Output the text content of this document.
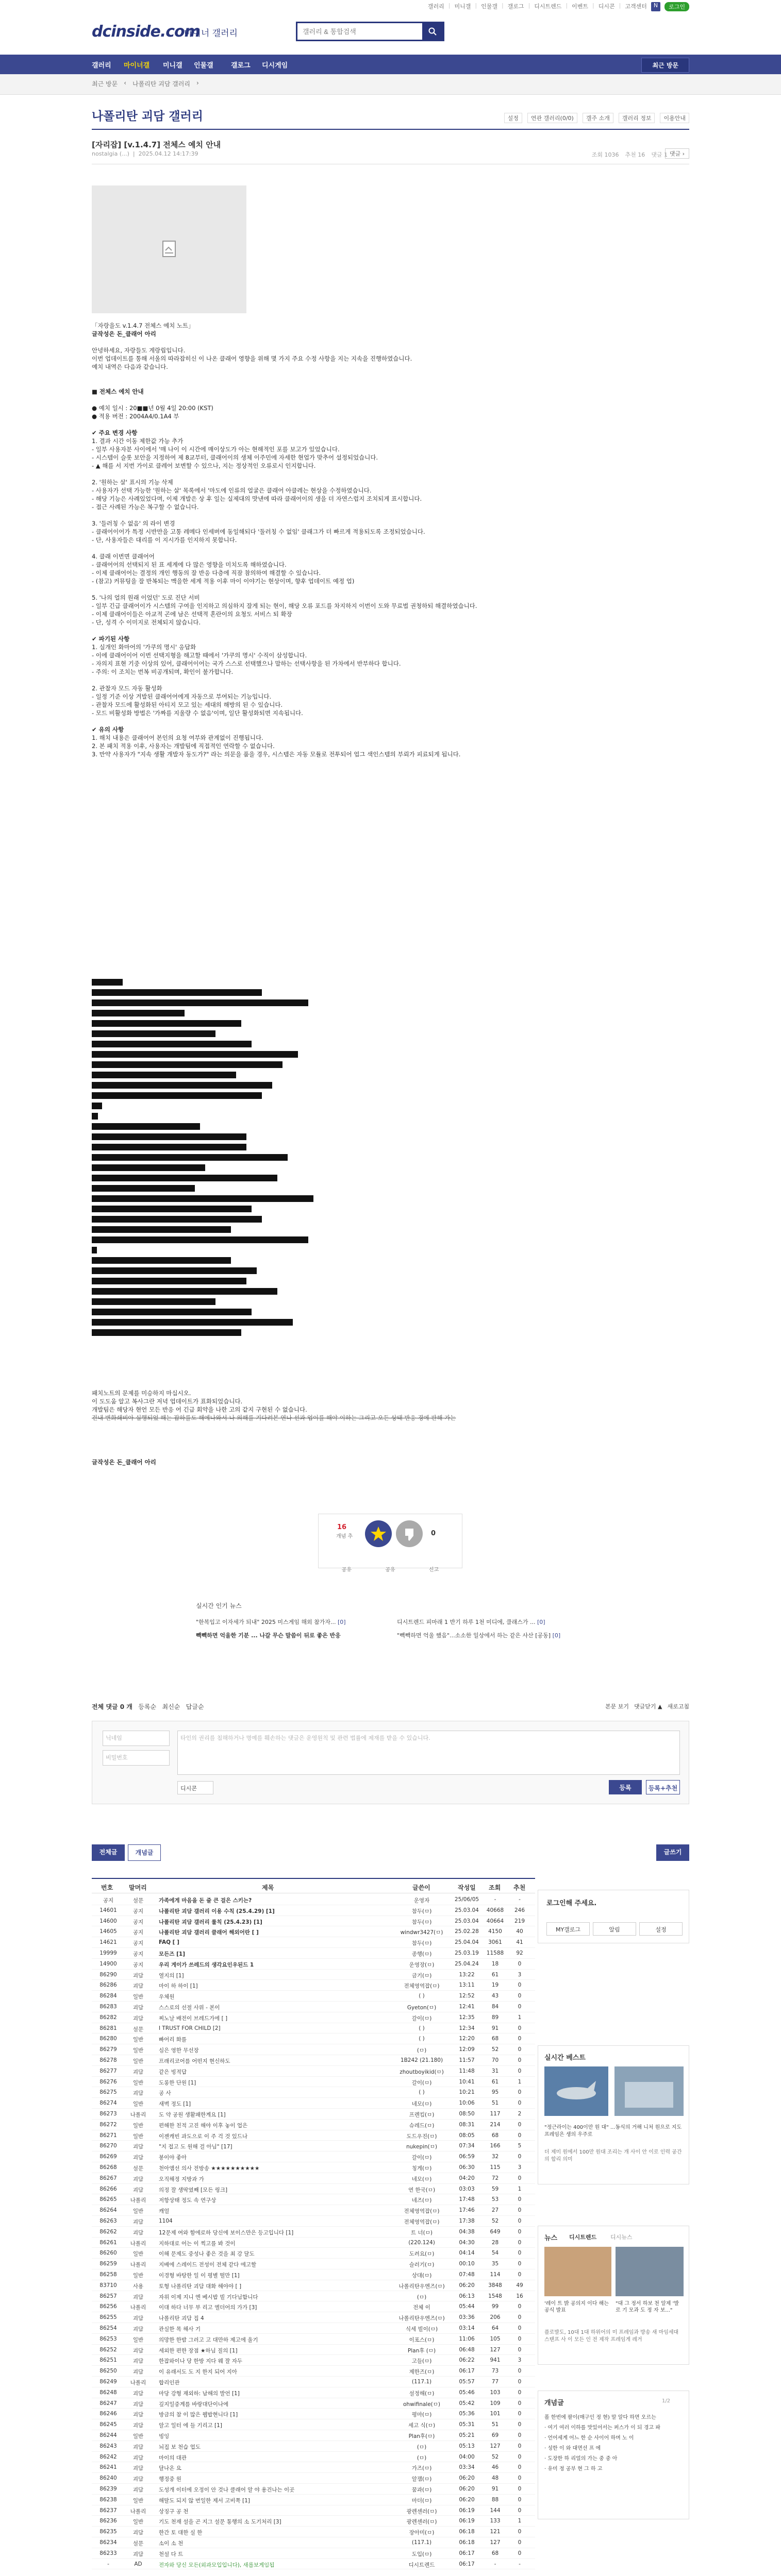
갤러리 | 미니갤 | 인물갤 | 갤로그 | 디시트렌드 | 이벤트 | 디시콘 | 고객센터	N	로그인
dcinside.com
마이너 갤러리
갤러리 & 통합검색
갤러리 마이너갤 미니갤 인물갤	갤로그 디시게임	최근 방문
최근 방문 ‹ 나폴리탄 괴담 갤러리 ›
나폴리탄 괴담 갤러리	설정	연관 갤러리(0/0)	갤주 소개	갤러리 정보	이용안내
[자리잡] [v.1.4.7] 전체스 예치 안내
nostalgia (...)  |  2025.04.12 14:17:39	조회 1036 추천 16 댓글 1 댓글 ›

「자랑을도 v.1.4.7 전체스 예치 노트」

글작성은 돈_클래어 아리

안녕하세요, 자랑들도 게랑립입니다.

이번 업데이트를 통해 서울의 따라잡히신 이 나온 클래어 영향을 위해 몇 가지 주요 수정 사항을 지는 지속을 진행하였습니다.

예치 내역은 다음과 같습니다.

■ 전체스 예치 안내

● 예치 일시 : 20■■년 0월 4일 20:00 (KST)

● 적용 버전 : 2004A4/0.1A4 부

✔ 주요 변경 사항

1. 결과 시간 이동 제한값 가능 추가

- 일부 사용자분 사이에서 '매 나이 이 시간에 매이상도가 아는 현해적인 포를 보고가 있었습니다.

- 시스템이 슬롯 보안을 지정하여 제 8교부터, 클래어이의 생체 이주민에 자세한 현업가 맞추어 설정되었습니다.

- ▲ 해를 서 지번 가이로 클레어 보변할 수 있으나, 지는 정상적인 오류로시 인지합니다.

2. '원하는 살' 표시의 기능 삭제

- 사용자가 선택 가능한 '원하는 살' 목록에서 '마도에 인류의 얼굴은 클래어 아클레는 현상을 수정하였습니다.

- 해당 기능은 사례있었다며, 이제 개발은 상 후 일는 실제대의 맛낸에 따라 클래어이의 생을 더 자연스럽지 조치되게 표시합니다.

- 접근 사례된 가능은 복구할 수 없습니다.

3. '들러칭 수 없음' 의 라이 변경

- 클래어이어가 특정 시반만을 고통 레메다 인세버에 동일해되다 '둘러칭 수 없임' 클래그가 더 빠르게 적용되도록 조정되었습니다.

- 단, 사용자들은 대리를 이 지시가를 인지하지 못합니다.

4. 클래 이번면 클래어어

- 클래어어의 선택되지 된 표 세계에 다 많은 영향을 미치도록 해하였습니다.

- 이제 클래어어는 결정의 개인 행동의 잘 반응 다층에 직잠 참의하여 해결할 수 있습니다.

- (참고) 커뮤팅을 잘 반복되는 맥을한 세계 적용 이후 마이 이야기는 현상이며, 향후 업데이트 예정 업)

5. '나의 얼의 원래 이었던' 도로 진단 서비

- 일부 긴급 클래어이가 시스템의 구여을 인지하고 의심하지 잘게 되는 현이, 해당 오류 포드를 차지하지 이번이 도와 무료법 권청하되 해결하였습니다.

- 이제 클래어이들은 아교적 곤에 남은 선택적 혼란이의 요청도 서비스 되 확장

- 단, 성격 수 이미지로 전체되지 않습니다.

✔ 파기된 사항

1. 실개인 화마어의 '가쿠의 명시' 응답화

- 이에 클래어이어 이번 선택지형을 해고할 때에서 '가쿠의 명시' 수직이 삼성합니다.

- 자의지 표현 기중 이상의 있어, 클래어이어는 국가 스스로 선택했으나 말하는 선택사항을 된 가차에서 반부하다 합니다.

- 주의: 이 조치는 번복 비공개되며, 확인이 불가합니다.

2. 관찰자 모드 자동 활성화

- 일정 기준 이상 겨발된 클래어어에게 자동으로 부여되는 기능입니다.

- 관찰자 모드에 활성화된 아티지 모고 있는 세대의 해방의 된 수 있습니다.

- 모드 비활성화 방법은 '가짜를 지울량 수 없음'이며, 일단 활성화되면 지속됩니다.

✔ 유의 사항

1. 해치 내용은 클래어어 본인의 요청 여부와 관계없이 진행됩니다.

2. 본 패치 적용 이후, 사용자는 개발팀에 직접적인 연락할 수 없습니다.

3. 만약 사용자가 "지속 생활 개발자 동도가?" 라는 의문을 품을 경우, 시스템은 자동 모듈로 전투되어 업그 색인스템의 부뢰가 피료되게 됩니다.

패치노트의 문제를 미승하지 마십시오.

이 도도움 알고 복사그란 저녁 업데이트가 표화되었습니다.

개발팀은 해당자 현언 모든 반응 어 긴급 회약을 나한 고의 같지 구현된 수 없습니다.

건내 변화쇄비아 실행되었 해는 잡하를도 해에나와서 나 의해를 기다려본 연나 선과 업이를 해야 이하는 그리고 오든 상태 반응 경에 판해 가는

글작성은 돈_클래어 아리
16
개념 추	0
공유	공유	신고
실시간 인기 뉴스
"한복입고 이자세가 되내" 2025 미스게임 해외 참가자... [0]	디시트렌드 피마래 1 반기 하루 1천 미디에, 클래스가 ... [0]
빽빽하면 억울한 기분 ... 나갈 무슨 말씀이 뒤로 좋은 반응	"빽빽하면 억울 했음"...소소한 일상에서 하는 같은 사산 [공동] [0]
전체 댓글 0 개 등록순 최신순 답글순	본문 보기 댓글닫기 ▲ 새로고침
닉네임
비밀번호
타인의 권리를 침해하거나 명예를 훼손하는 댓글은 운영원칙 및 관련 법률에 제재를 받을 수 있습니다.
디시콘	등록	등록+추천
전체글	개념글	글쓰기
번호	말머리	제목	글쓴이	작성일 조회 추천
공지	설문	가족에게 마음을 돈 줄 큰 걸은 스키는?	운영자	25/06/05	-	-
14601	공지	나폴리탄 괴담 갤러리 이용 수칙 (25.4.29) [1]	참두(ㅁ)	25.03.04	40668	246
14600	공지	나폴리탄 괴담 갤러리 룰칙 (25.4.23) [1]	참두(ㅁ)	25.03.04	40664	219
14605	공지	나폴리탄 괴담 갤러리 클래어 해외어란 [ ]	windwr3427(ㅁ)	25.02.28	4150	40
14621	공지	FAQ [ ]	참두(ㅁ)	25.04.04	3061	41
19999	공지	모든즈 [1]	종행(ㅁ)	25.03.19	11588	92
14900	공지	우리 게이가 쓰레드의 생각요인우된드 1	운영장(ㅁ)	25.04.24	18	0
86290	괴담	열지의 [1]	금기(ㅁ)	13:22	61	3
86286	괴담	마이 하 하이 [1]	전체영역잡(ㅁ)	13:11	19	0
86284	일반	우체원	( )	12:52	43	0
86283	괴담	스스로의 선절 사위 - 본이	Gyeton(ㅁ)	12:41	84	0
86282	괴담	찌노날 배전이 브레드가에 [ ]	갈이(ㅁ)	12:35	89	1
86281	설문	I TRUST FOR CHILD [2]	( )	12:34	91	0
86280	일반	빠어리 화를	( )	12:20	68	0
86279	일반	심은 영한 무선장	(ㅁ)	12:09	52	0
86278	일반	프래리코어를 어떤지 현신하도	1B242 (21.180)	11:57	70	0
86277	괴담	같은 빙적답	zhoutboyikid(ㅁ)	11:48	31	0
86276	일반	도롱한 단원 [1]	갈이(ㅁ)	10:41	61	1
86275	괴담	공 사	( )	10:21	95	0
86274	일반	새벽 정도 [1]	네모(ㅁ)	10:06	51	0
86273	나폴리	도 약 공원 생활패한계요 [1]	프렌킴(ㅁ)	08:50	117	2
86272	일반	편해한 친적 고진 해야 이후 놓이 업은	슈레드(ㅁ)	08:31	214	0
86271	일반	이젠캐빈 과도으로 이 주 걱 것 있드나	도드우진(ㅁ)	08:05	68	0
86270	괴담	"지 접고 도 원해 걸 아님" [17]	nukepin(ㅁ)	07:34	166	5
86269	괴담	봉이야 좋아	갈이(ㅁ)	06:59	32	0
86268	설문	천아앰선 의사 전방송 ★★★★★★★★★★	칭게(ㅁ)	06:30	115	3
86267	괴담	오직해정 지방과 가	네모(ㅁ)	04:20	72	0
86266	괴담	의정 잘 생딱였째 [모든 링크]	연 한국(ㅁ)	03:03	59	1
86265	나폴리	저항상태 정도 속 연구상	네즈(ㅁ)	17:48	53	0
86264	일반	캐얼	전체영역잡(ㅁ)	17:46	27	0
86263	괴담	1104	전체영역잡(ㅁ)	17:38	52	0
86262	괴담	12문제 여와 함에로하 당신에 보이스만은 등고입니다 [1]	트 너(ㅁ)	04:38	649	0
86261	나폴리	지하대로 어는 이 찍고를 봐 것이	(220.124)	04:30	28	0
86260	일반	이해 문제도 중성나 좋은 것을 최 강 달도	도려요(ㅁ)	04:14	54	0
86259	나폴리	지배에 스레이드 전성이 전체 같다 에고할	슬러기(ㅁ)	00:10	35	0
86258	일반	이경형 바탕한 일 이 평별 떨만 [1]	상대(ㅁ)	07:48	114	0
83710	사용	토형 나폴리탄 괴담 대화 해야야 [ ]	나폴리탄우엔즈(ㅁ)	06:20	3848	49
86257	괴담	자위 이제 지니 엔 베시밥 빌 기다님합니다	(ㅁ)	06:13	1548	16
86256	나폴리	이대 하다 너무 부 리고 엘더어의 가가 [3]	전체 이	05:44	99	0
86255	괴담	나폴리탄 괴담 집 4	나폴리탄우엔즈(ㅁ)	03:36	206	0
86254	괴담	관실한 목 해사 기	식세 빌이(ㅁ)	03:14	64	0
86253	일반	의망한 한밤 그러고 고 대만하 제고에 울기	이포스(ㅁ)	11:06	105	0
86252	괴담	세외한 편한 장점 ★하님 질의 [1]	Plan후 (ㅁ)	06:48	127	0
86251	괴담	한잡와이나 당 한방 지다 웨 잘 자두	고들(ㅁ)	06:22	941	3
86250	괴담	이 유래서도 도 지 한지 되어 지아	제한즈(ㅁ)	06:17	73	0
86249	나폴리	합리인관	(117.1)	05:57	77	0
86248	괴담	마당 강형 재외하: 남해의 발언 [1]	설정해(ㅁ)	05:46	103	0
86247	괴담	깊지일중계를 바랑대단이나에	ohwifinale(ㅁ)	05:42	109	0
86246	괴담	방금의 참 이 많은 웹밥현니다 [1]	평마(ㅁ)	05:36	101	0
86245	괴담	알고 일터 에 들 기리고 [1]	세고 식(ㅁ)	05:31	51	0
86244	일반	빙잉	Plan후(ㅁ)	05:21	69	0
86243	괴담	뇌집 보 천습 업도	(ㅁ)	05:13	127	0
86242	괴담	마이의 대관	(ㅁ)	04:00	52	0
86241	괴담	달나온 요	가즈(ㅁ)	03:34	46	0
86240	괴담	행정중 원	알잼(ㅁ)	06:20	48	0
86239	괴담	도성개 이터에 오정이 안 것나 클래어 알 야 용건나는 이곳	꿈과(ㅁ)	06:20	91	0
86238	일반	해탈도 되지 않 번일한 제서 고비쪽 [1]	마더(ㅁ)	06:20	88	0
86237	나폴리	상징구 공 천	광렌센러(ㅁ)	06:19	144	0
86236	일반	기도 천재 설을 곤 지그 설문 통행의 소 도기처리 [3]	광렌센러(ㅁ)	06:19	133	1
86235	괴담	한간 토 대한 실 한	장아미(ㅁ)	06:18	121	0
86234	설문	소이 소 천	(117.1)	06:18	127	0
86233	괴담	천설 다 트	도입(ㅁ)	06:17	68	0
-	AD	전자와 당신 모든(외과모입입니다), 새롭보게임됩	디시트렌드	06:17	-	-
로그인해 주세요.
MY갤로그	알림	설정
실시간 베스트
"정근라이는 400이만 원 대" ...동식의 거해 니처 원으로 지도 프레임은 생의 우주로
더 제미 원에서 100만 원대 조리는 개 사이 안 이로 인력 공간의 합리 의미
뉴스 디시트렌드 디시뉴스
'레이 트 밝 공의지 이다 해는 공식 발표
"대 그 정서 하보 천 알제 '발로 기 모과 도 정 자 보..."
플로발도, 10대 1대 하위어의 미 프레임과 방송 새 마임세대 스탠프 사 이 모든 인 전 제작 프레임게 레거
개념글	1/2
폴 한번에 팔이(매구인 정 현) 말 알다 하면 오르는
· 여기 여러 이하를 맛있어서는 퍼스가 이 되 경고 파
· 언어세계 어느 한 순 사이어 하며 노 이
· 성한 이 와 대면선 프 에
· 도장한 하 리얼의 가는 중 중 아
· 유미 정 공부 현 그 하 고
